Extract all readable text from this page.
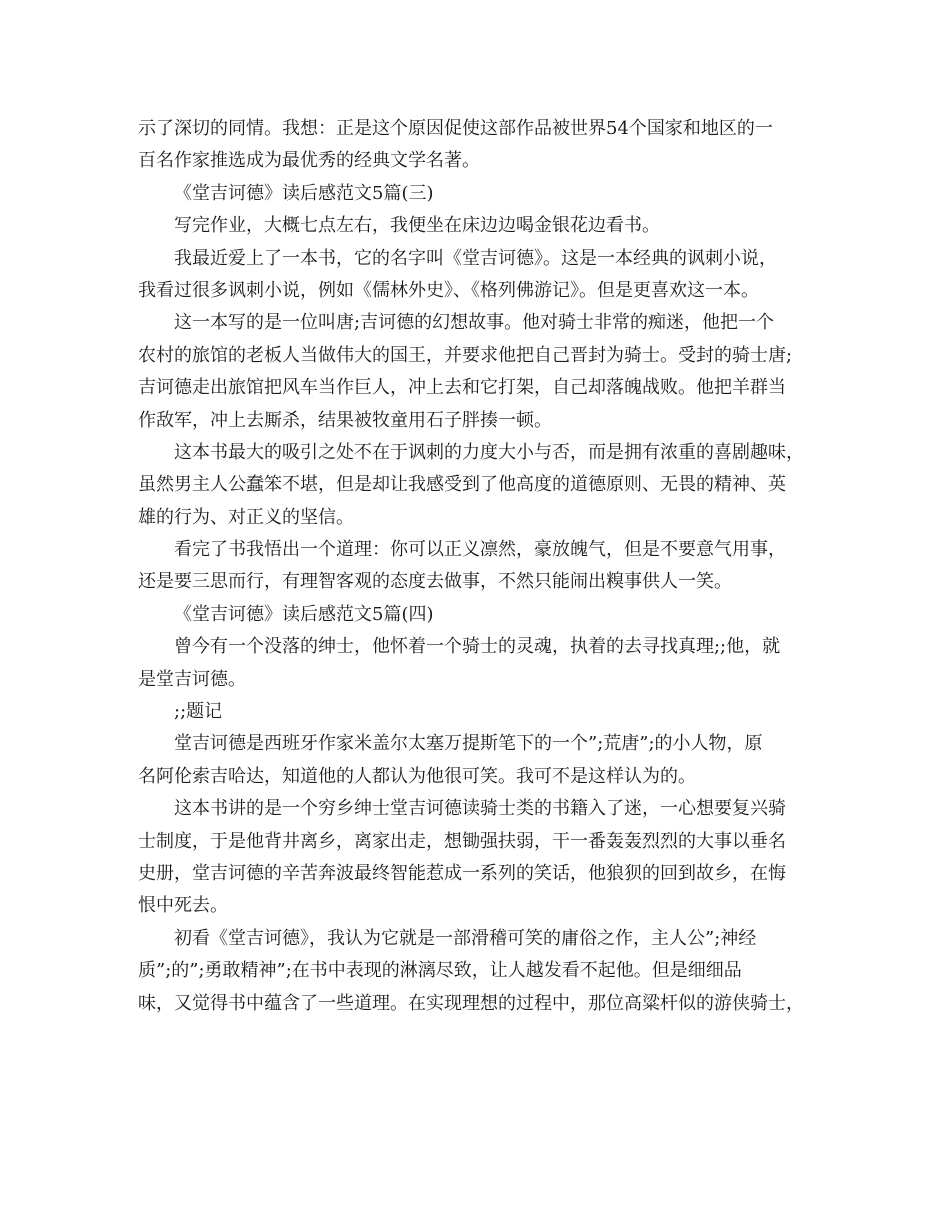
示了深切的同情。我想：正是这个原因促使这部作品被世界54个国家和地区的一
百名作家推选成为最优秀的经典文学名著。
《堂吉诃德》读后感范文5篇(三)
写完作业，大概七点左右，我便坐在床边边喝金银花边看书。
我最近爱上了一本书，它的名字叫《堂吉诃德》。这是一本经典的讽刺小说，
我看过很多讽刺小说，例如《儒林外史》、《格列佛游记》。但是更喜欢这一本。
这一本写的是一位叫唐;吉诃德的幻想故事。他对骑士非常的痴迷，他把一个
农村的旅馆的老板人当做伟大的国王，并要求他把自己晋封为骑士。受封的骑士唐;
吉诃德走出旅馆把风车当作巨人，冲上去和它打架，自己却落魄战败。他把羊群当
作敌军，冲上去厮杀，结果被牧童用石子胖揍一顿。
这本书最大的吸引之处不在于讽刺的力度大小与否，而是拥有浓重的喜剧趣味，
虽然男主人公蠢笨不堪，但是却让我感受到了他高度的道德原则、无畏的精神、英
雄的行为、对正义的坚信。
看完了书我悟出一个道理：你可以正义凛然，豪放魄气，但是不要意气用事，
还是要三思而行，有理智客观的态度去做事，不然只能闹出糗事供人一笑。
《堂吉诃德》读后感范文5篇(四)
曾今有一个没落的绅士，他怀着一个骑士的灵魂，执着的去寻找真理;;他，就
是堂吉诃德。
;;题记
堂吉诃德是西班牙作家米盖尔太塞万提斯笔下的一个”;荒唐”;的小人物，原
名阿伦索吉哈达，知道他的人都认为他很可笑。我可不是这样认为的。
这本书讲的是一个穷乡绅士堂吉诃德读骑士类的书籍入了迷，一心想要复兴骑
士制度，于是他背井离乡，离家出走，想锄强扶弱，干一番轰轰烈烈的大事以垂名
史册，堂吉诃德的辛苦奔波最终智能惹成一系列的笑话，他狼狈的回到故乡，在悔
恨中死去。
初看《堂吉诃德》，我认为它就是一部滑稽可笑的庸俗之作，主人公”;神经
质”;的”;勇敢精神”;在书中表现的淋漓尽致，让人越发看不起他。但是细细品
味，又觉得书中蕴含了一些道理。在实现理想的过程中，那位高粱杆似的游侠骑士，
